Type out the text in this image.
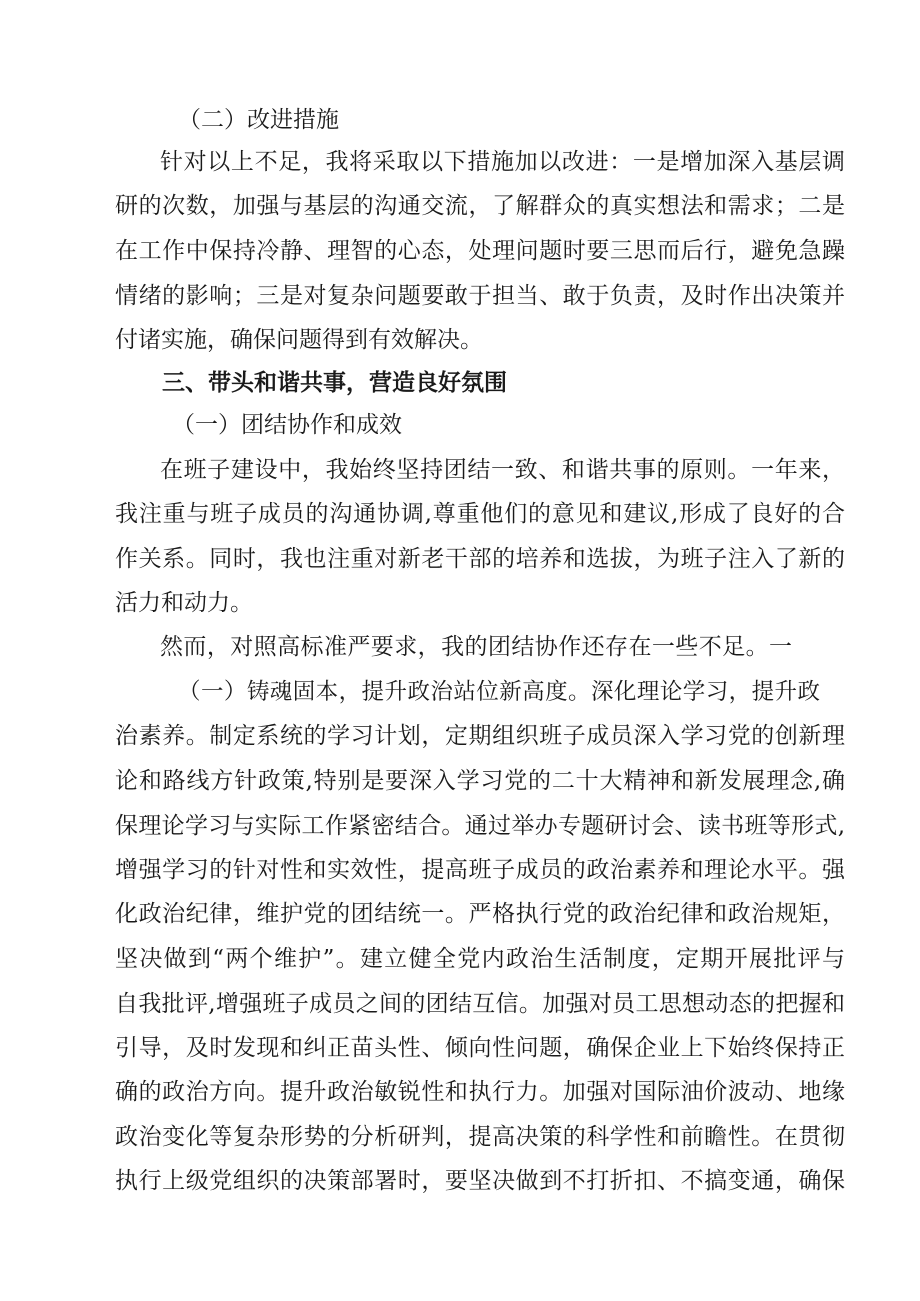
（二）改进措施
针对以上不足，我将采取以下措施加以改进：一是增加深入基层调
研的次数，加强与基层的沟通交流，了解群众的真实想法和需求；二是
在工作中保持冷静、理智的心态，处理问题时要三思而后行，避免急躁
情绪的影响；三是对复杂问题要敢于担当、敢于负责，及时作出决策并
付诸实施，确保问题得到有效解决。
三、带头和谐共事，营造良好氛围
（一）团结协作和成效
在班子建设中，我始终坚持团结一致、和谐共事的原则。一年来，
我注重与班子成员的沟通协调,尊重他们的意见和建议,形成了良好的合
作关系。同时，我也注重对新老干部的培养和选拔，为班子注入了新的
活力和动力。
然而，对照高标准严要求，我的团结协作还存在一些不足。一
（一）铸魂固本，提升政治站位新高度。深化理论学习，提升政
治素养。制定系统的学习计划，定期组织班子成员深入学习党的创新理
论和路线方针政策,特别是要深入学习党的二十大精神和新发展理念,确
保理论学习与实际工作紧密结合。通过举办专题研讨会、读书班等形式,
增强学习的针对性和实效性，提高班子成员的政治素养和理论水平。强
化政治纪律，维护党的团结统一。严格执行党的政治纪律和政治规矩，
坚决做到“两个维护”。建立健全党内政治生活制度，定期开展批评与
自我批评,增强班子成员之间的团结互信。加强对员工思想动态的把握和
引导，及时发现和纠正苗头性、倾向性问题，确保企业上下始终保持正
确的政治方向。提升政治敏锐性和执行力。加强对国际油价波动、地缘
政治变化等复杂形势的分析研判，提高决策的科学性和前瞻性。在贯彻
执行上级党组织的决策部署时，要坚决做到不打折扣、不搞变通，确保
